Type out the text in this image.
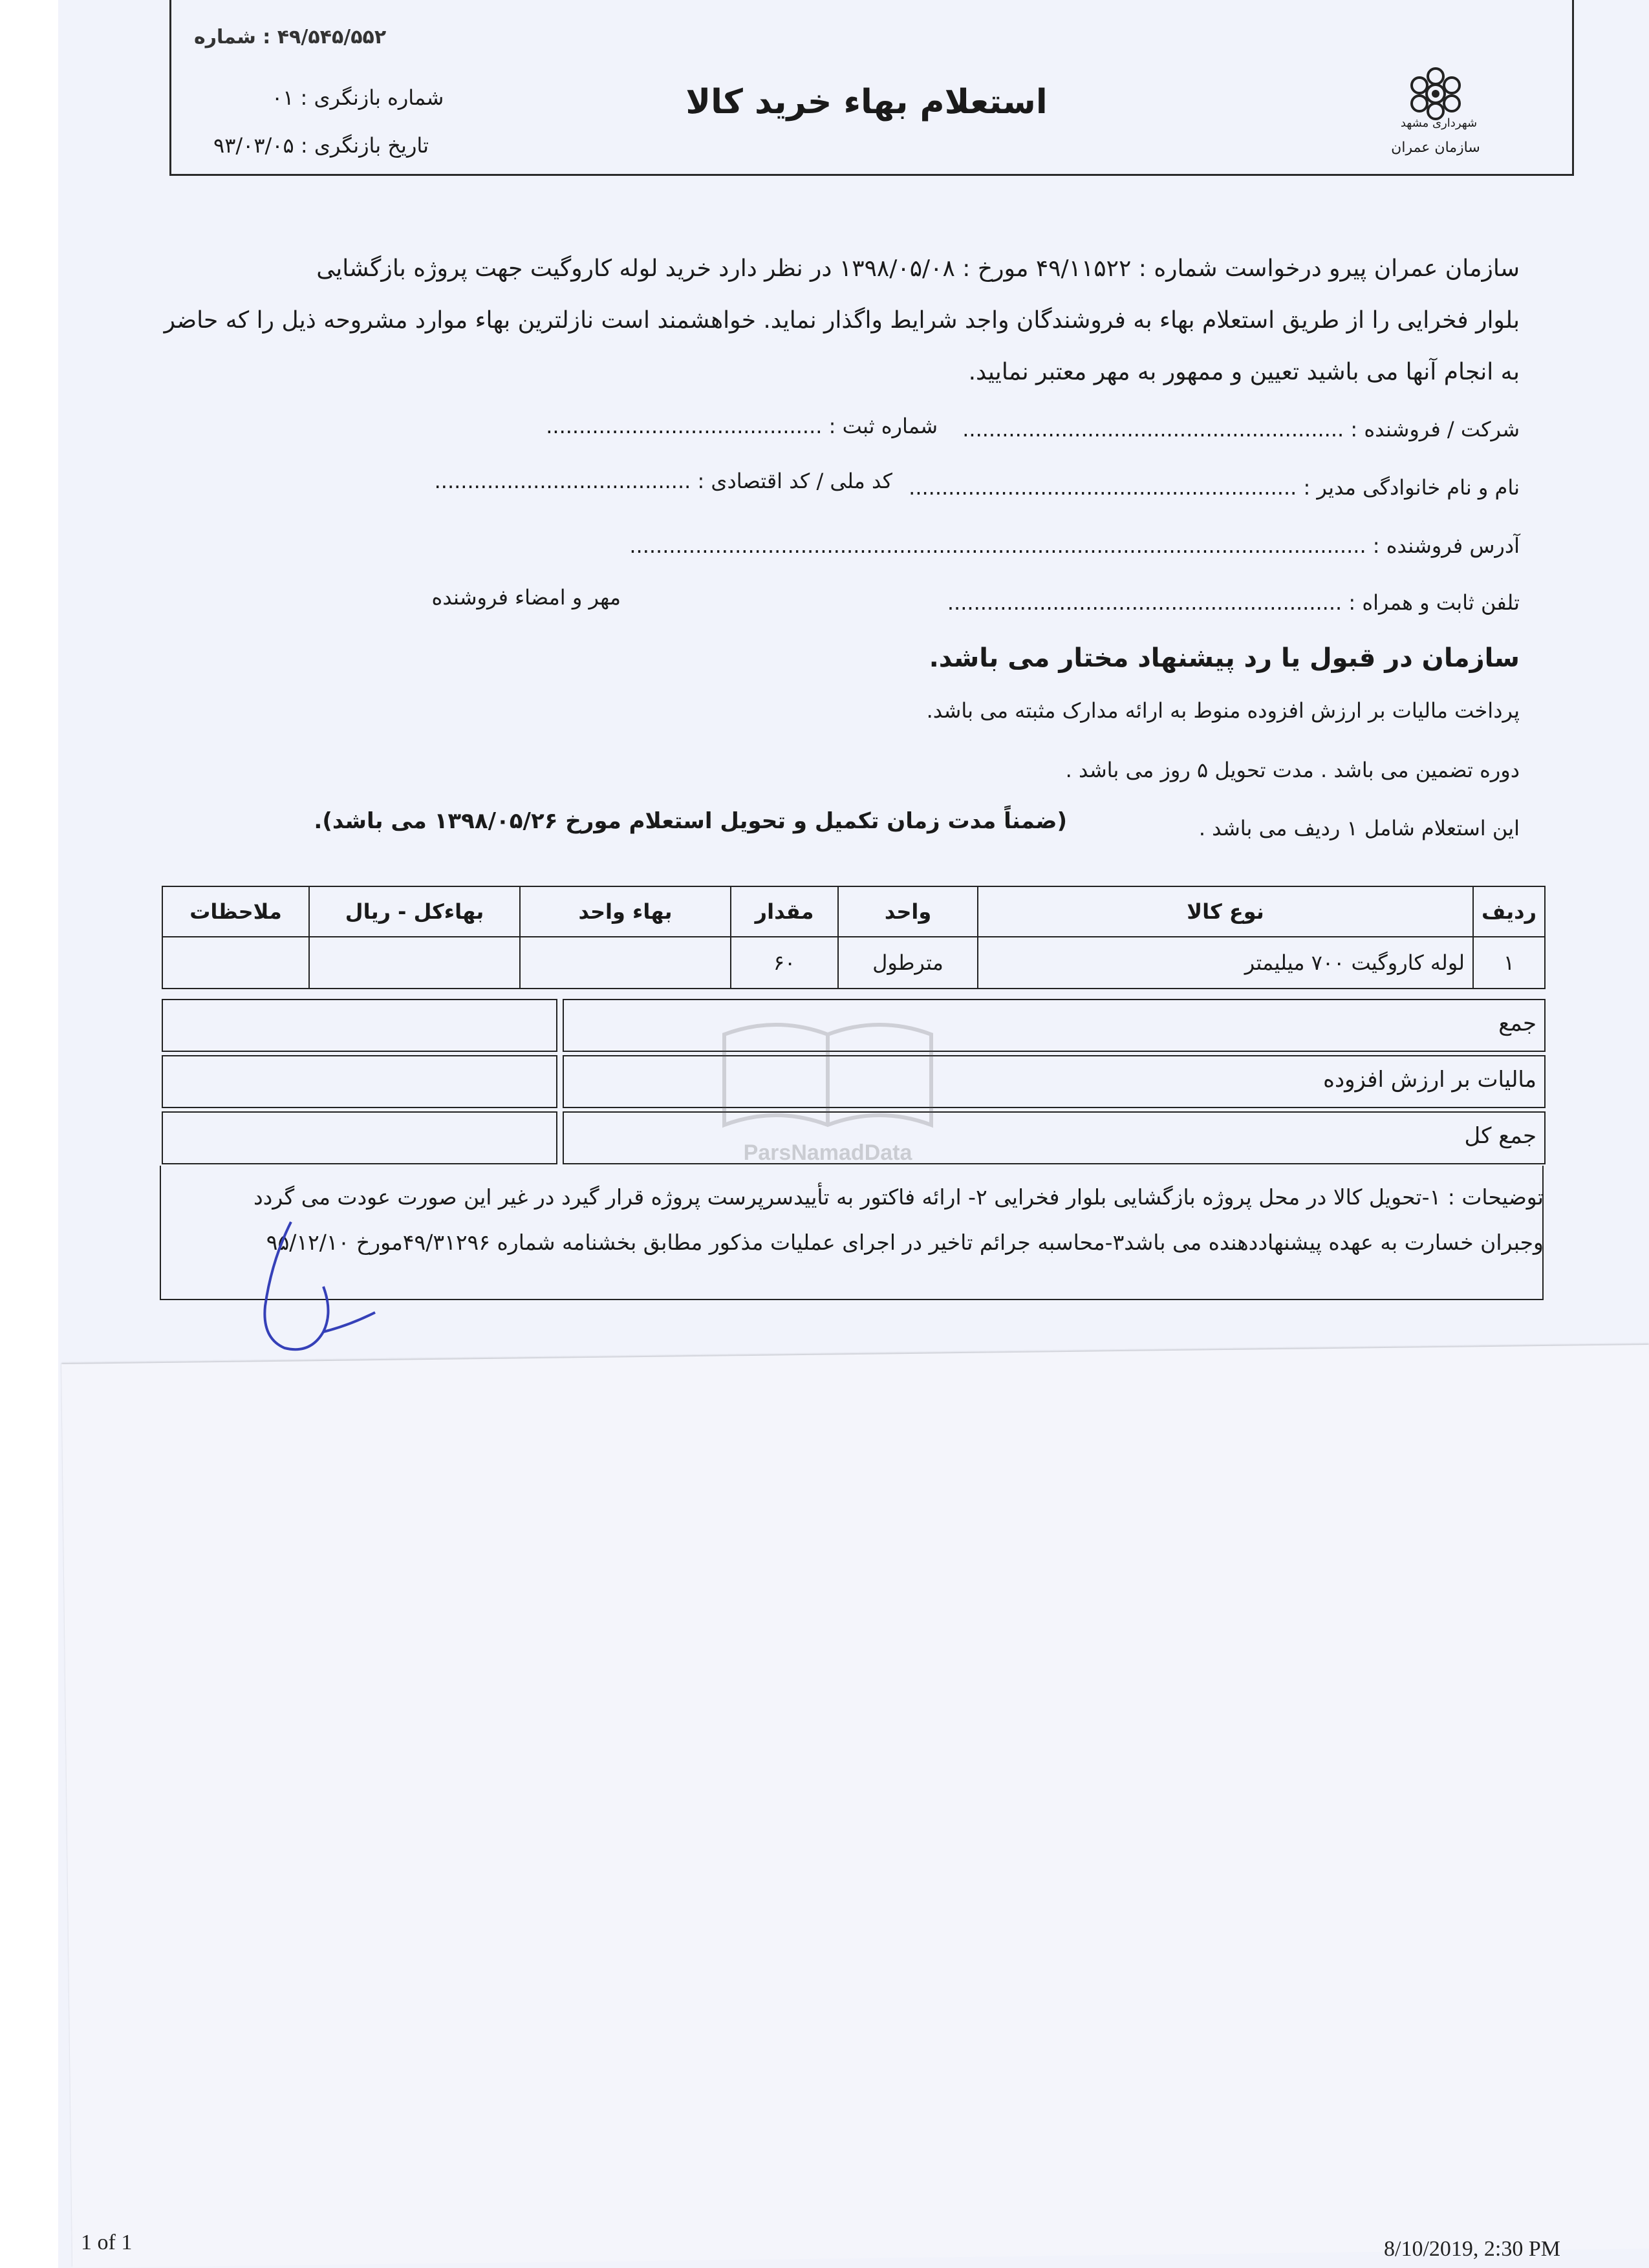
۴۹/۵۴۵/۵۵۲ : شماره
استعلام بهاء خرید کالا
شماره بازنگری : ۰۱
تاریخ بازنگری : ۹۳/۰۳/۰۵	سازمان عمران
شهرداری مشهد
سازمان عمران پیرو درخواست شماره : ۴۹/۱۱۵۲۲ مورخ : ۱۳۹۸/۰۵/۰۸ در نظر دارد خرید لوله کاروگیت جهت پروژه بازگشایی
بلوار فخرایی را از طریق استعلام بهاء به فروشندگان واجد شرایط واگذار نماید. خواهشمند است نازلترین بهاء موارد مشروحه ذیل را که حاضر
به انجام آنها می باشید تعیین و ممهور به مهر معتبر نمایید.
شرکت / فروشنده : ..........................................................
شماره ثبت : ..........................................
نام و نام خانوادگی مدیر : ...........................................................
کد ملی / کد اقتصادی : .......................................
آدرس فروشنده : ................................................................................................................
تلفن ثابت و همراه : ............................................................
مهر و امضاء فروشنده
سازمان در قبول یا رد پیشنهاد مختار می باشد.
پرداخت مالیات بر ارزش افزوده منوط به ارائه مدارک مثبته می باشد.
دوره تضمین می باشد . مدت تحویل ۵ روز می باشد .
این استعلام شامل ۱ ردیف می باشد .
(ضمناً مدت زمان تکمیل و تحویل استعلام مورخ ۱۳۹۸/۰۵/۲۶ می باشد).
ردیف	نوع کالا	واحد	مقدار	بهاء واحد	بهاءکل - ریال	ملاحظات
۱	لوله کاروگیت ۷۰۰ میلیمتر	مترطول	۶۰			
جمع
مالیات بر ارزش افزوده
جمع کل
توضیحات : ۱-تحویل کالا در محل پروژه بازگشایی بلوار فخرایی ۲- ارائه فاکتور به تأییدسرپرست پروژه قرار گیرد در غیر این صورت عودت می گردد
وجبران خسارت به عهده پیشنهاددهنده می باشد۳-محاسبه جرائم تاخیر در اجرای عملیات مذکور مطابق بخشنامه شماره ۴۹/۳۱۲۹۶مورخ ۹۵/۱۲/۱۰
ParsNamadData
1 of 1	8/10/2019, 2:30 PM
